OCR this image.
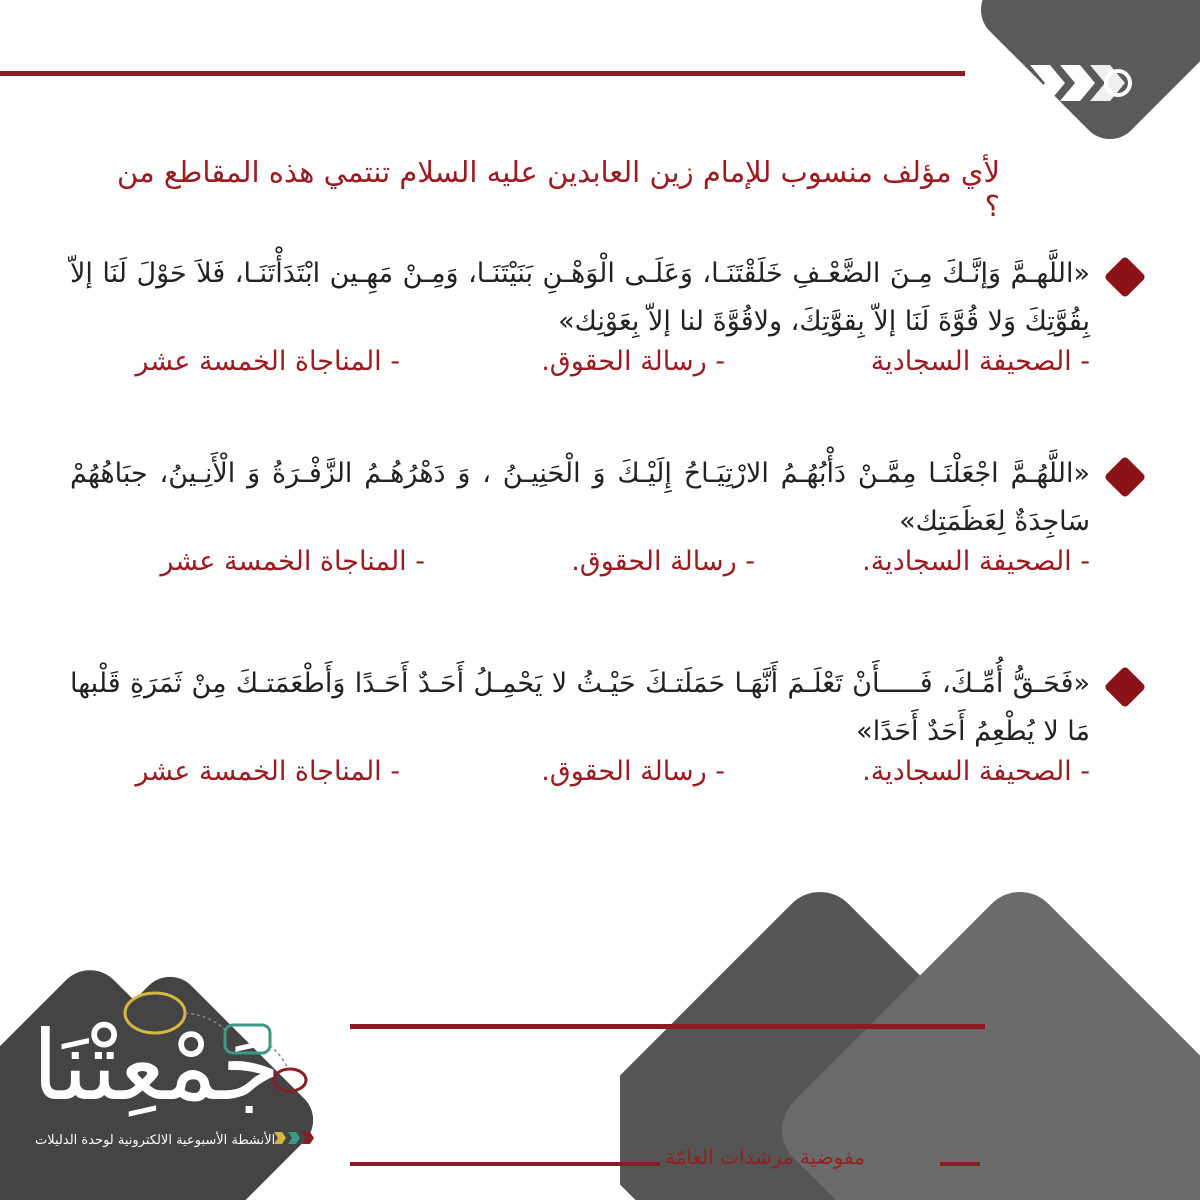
لأي مؤلف منسوب للإمام زين العابدين عليه السلام تنتمي هذه المقاطع من ؟
«اللَّهـمَّ وَإنَّـكَ مِـنَ الضَّعْـفِ خَلَقْتَنَـا، وَعَلَـى الْوَهْـنِ بَنَيْتَنَـا، وَمِـنْ مَهِـين ابْتَدَأْتَنَـا، فَلاَ حَوْلَ لَنَا إلاّ بِقُوَّتِكَ وَلا قُوَّةَ لَنَا إلاّ بِقوَّتِكَ، ولاقُوَّةَ لنا إلاّ بِعَوْنِك»
- الصحيفة السجادية
- رسالة الحقوق.
- المناجاة الخمسة عشر
«اللَّهُـمَّ اجْعَلْنَـا مِمَّـنْ دَأْبُهُـمُ الارْتِيَـاحُ إِلَيْـكَ وَ الْحَنِيـنُ ، وَ دَهْرُهُـمُ الزَّفْـرَةُ وَ الْأَنِـينُ، جبَاهُهُمْ سَاجِدَةٌ لِعَظَمَتِك»
- الصحيفة السجادية.
- رسالة الحقوق.
- المناجاة الخمسة عشر
«فَحَـقُّ أُمِّـكَ، فَـــــأَنْ تَعْلَـمَ أَنَّهَـا حَمَلَتـكَ حَيْـثُ لا يَحْمِـلُ أَحَـدٌ أَحَـدًا وَأَطْعَمَتـكَ مِنْ ثَمَرَةِ قَلْبها مَا لا يُطْعِمُ أَحَدٌ أَحَدًا»
- الصحيفة السجادية.
- رسالة الحقوق.
- المناجاة الخمسة عشر
جَمْعِتْنَا
الأنشطة الأسبوعية الالكترونية لوحدة الدليلات
مفوضية مرشدات العامّة
